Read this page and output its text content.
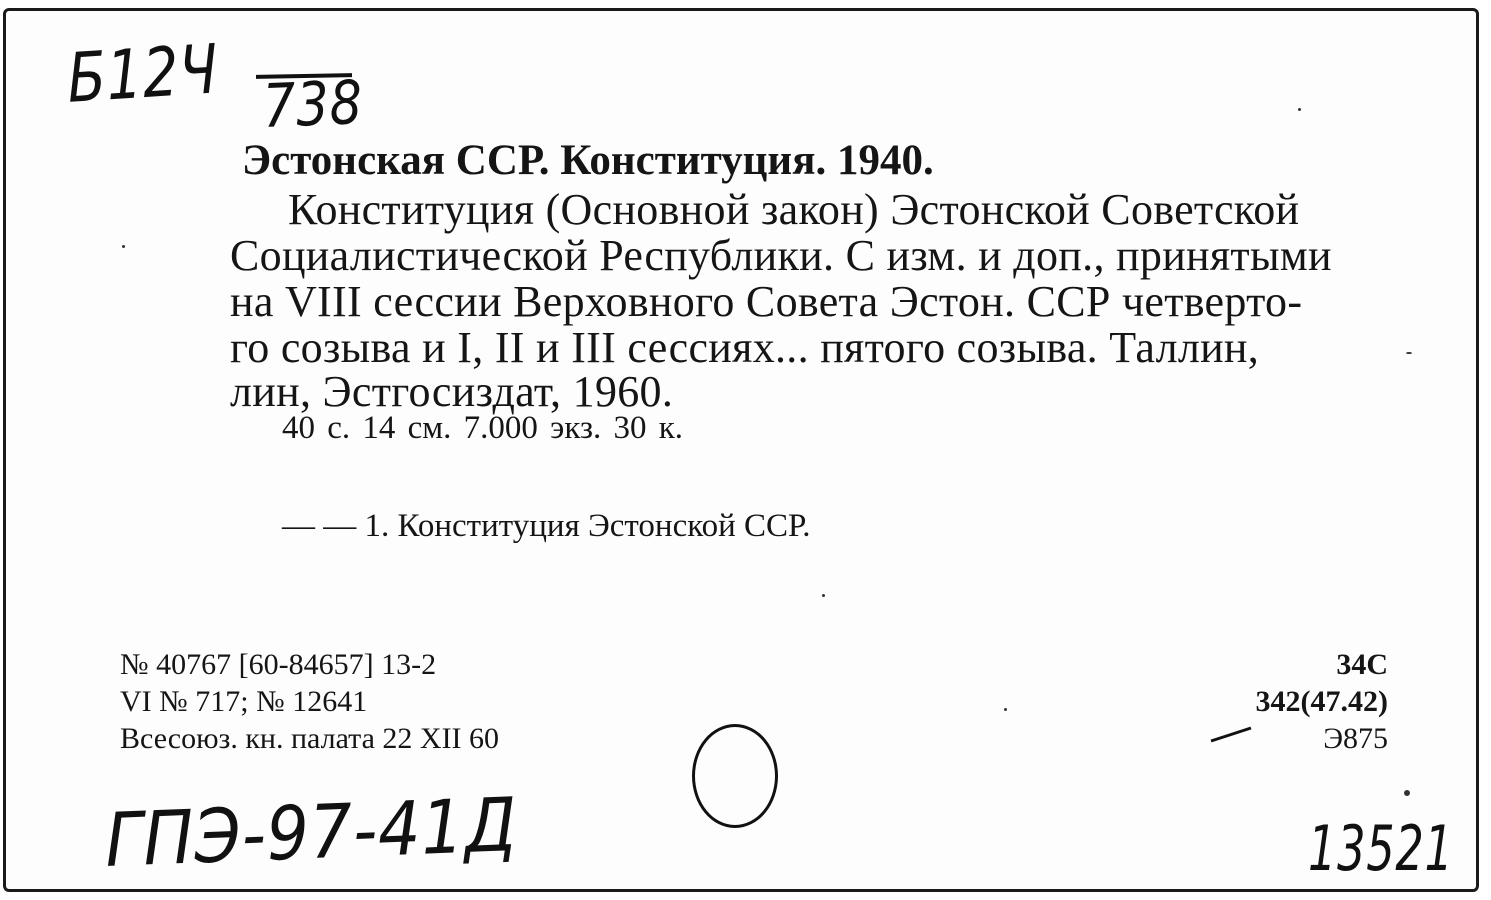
Б12Ч 738
Эстонская ССР. Конституция. 1940.
Конституция (Основной закон) Эстонской Советской
Социалистической Республики. С изм. и доп., принятыми
на VIII сессии Верховного Совета Эстон. ССР четверто-
го созыва и I, II и III сессиях... пятого созыва. Таллин,
лин, Эстгосиздат, 1960.
40 с. 14 см. 7.000 экз. 30 к.
— — 1. Конституция Эстонской ССР.
№ 40767 [60-84657] 13-2
VI № 717; № 12641
Всесоюз. кн. палата 22 XII 60
34С
342(47.42)
Э875
ГПЭ-97-41Д	13521
